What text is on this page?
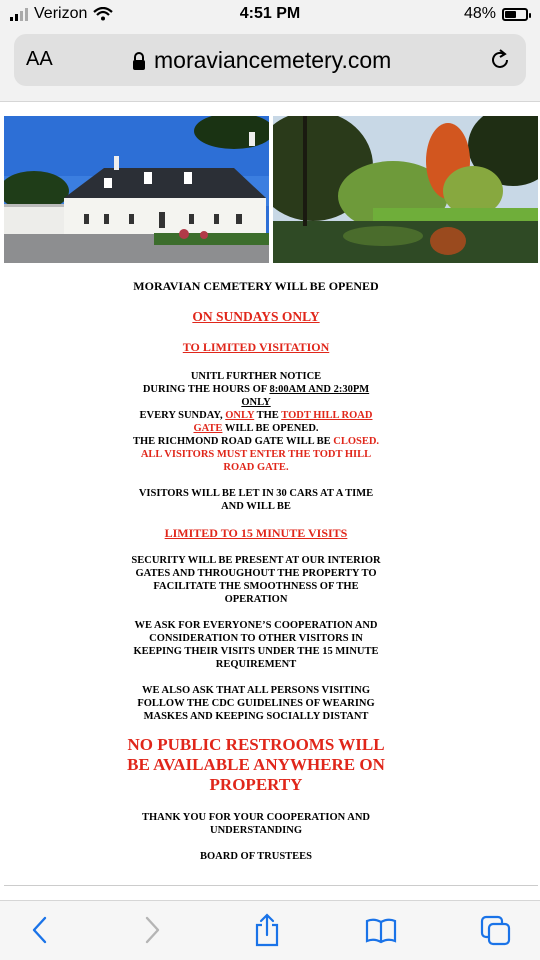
Verizon	4:51 PM	48%
AA	moraviancemetery.com
MORAVIAN CEMETERY WILL BE OPENED
ON SUNDAYS ONLY
TO LIMITED VISITATION
UNITL FURTHER NOTICE
DURING THE HOURS OF 8:00AM AND 2:30PM
ONLY
EVERY SUNDAY, ONLY THE TODT HILL ROAD
GATE WILL BE OPENED.
THE RICHMOND ROAD GATE WILL BE CLOSED.
ALL VISITORS MUST ENTER THE TODT HILL
ROAD GATE.
VISITORS WILL BE LET IN 30 CARS AT A TIME
AND WILL BE
LIMITED TO 15 MINUTE VISITS
SECURITY WILL BE PRESENT AT OUR INTERIOR
GATES AND THROUGHOUT THE PROPERTY TO
FACILITATE THE SMOOTHNESS OF THE
OPERATION
WE ASK FOR EVERYONE’S COOPERATION AND
CONSIDERATION TO OTHER VISITORS IN
KEEPING THEIR VISITS UNDER THE 15 MINUTE
REQUIREMENT
WE ALSO ASK THAT ALL PERSONS VISITING
FOLLOW THE CDC GUIDELINES OF WEARING
MASKES AND KEEPING SOCIALLY DISTANT
NO PUBLIC RESTROOMS WILL
BE AVAILABLE ANYWHERE ON
PROPERTY
THANK YOU FOR YOUR COOPERATION AND
UNDERSTANDING
BOARD OF TRUSTEES
